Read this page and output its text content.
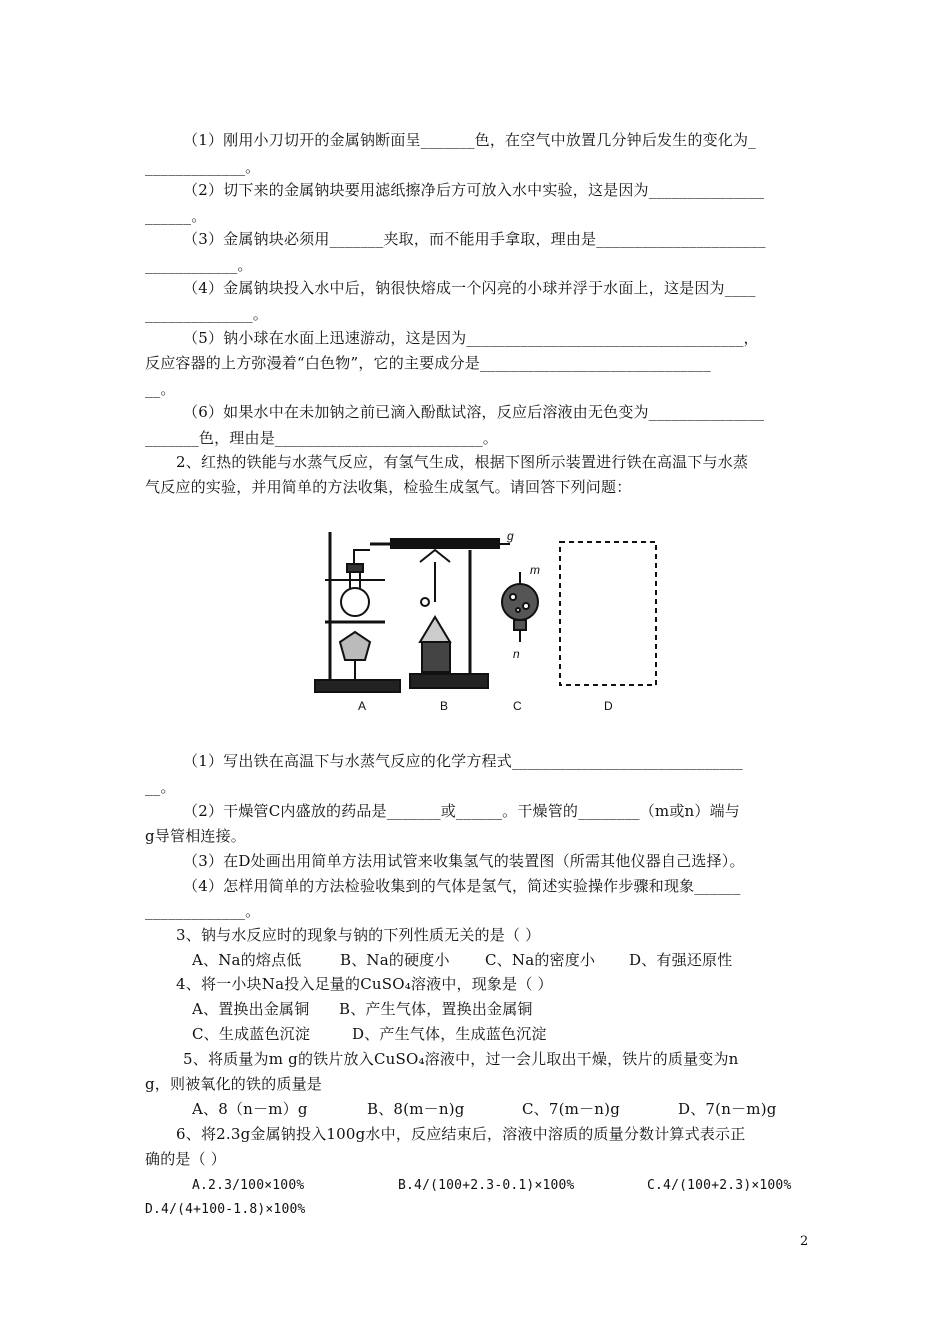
（1）刚用小刀切开的金属钠断面呈_______色，在空气中放置几分钟后发生的变化为_
_____________。
（2）切下来的金属钠块要用滤纸擦净后方可放入水中实验，这是因为_______________
______。
（3）金属钠块必须用_______夹取，而不能用手拿取，理由是______________________
____________。
（4）金属钠块投入水中后，钠很快熔成一个闪亮的小球并浮于水面上，这是因为____
______________。
（5）钠小球在水面上迅速游动，这是因为____________________________________，
反应容器的上方弥漫着“白色物”，它的主要成分是______________________________
__。
（6）如果水中在未加钠之前已滴入酚酞试溶，反应后溶液由无色变为_______________
_______色，理由是___________________________。
2、红热的铁能与水蒸气反应，有氢气生成，根据下图所示装置进行铁在高温下与水蒸
气反应的实验，并用简单的方法收集，检验生成氢气。请回答下列问题：
g
m
n
A	B	C	D
（1）写出铁在高温下与水蒸气反应的化学方程式______________________________
__。
（2）干燥管C内盛放的药品是_______或______。干燥管的________（m或n）端与
g导管相连接。
（3）在D处画出用简单方法用试管来收集氢气的装置图（所需其他仪器自己选择）。
（4）怎样用简单的方法检验收集到的气体是氢气，简述实验操作步骤和现象______
_____________。
3、钠与水反应时的现象与钠的下列性质无关的是（ ）
A、Na的熔点低	B、Na的硬度小 C、Na的密度小 D、有强还原性
4、将一小块Na投入足量的CuSO₄溶液中，现象是（ ）
A、置换出金属铜 B、产生气体，置换出金属铜
C、生成蓝色沉淀	D、产生气体，生成蓝色沉淀
5、将质量为m g的铁片放入CuSO₄溶液中，过一会儿取出干燥，铁片的质量变为n
g，则被氧化的铁的质量是
A、8（n－m）g	B、8(m－n)g	C、7(m－n)g	D、7(n－m)g
6、将2.3g金属钠投入100g水中，反应结束后，溶液中溶质的质量分数计算式表示正
确的是（ ）
A.2.3/100×100%	B.4/(100+2.3-0.1)×100%	C.4/(100+2.3)×100%
D.4/(4+100-1.8)×100%
2
